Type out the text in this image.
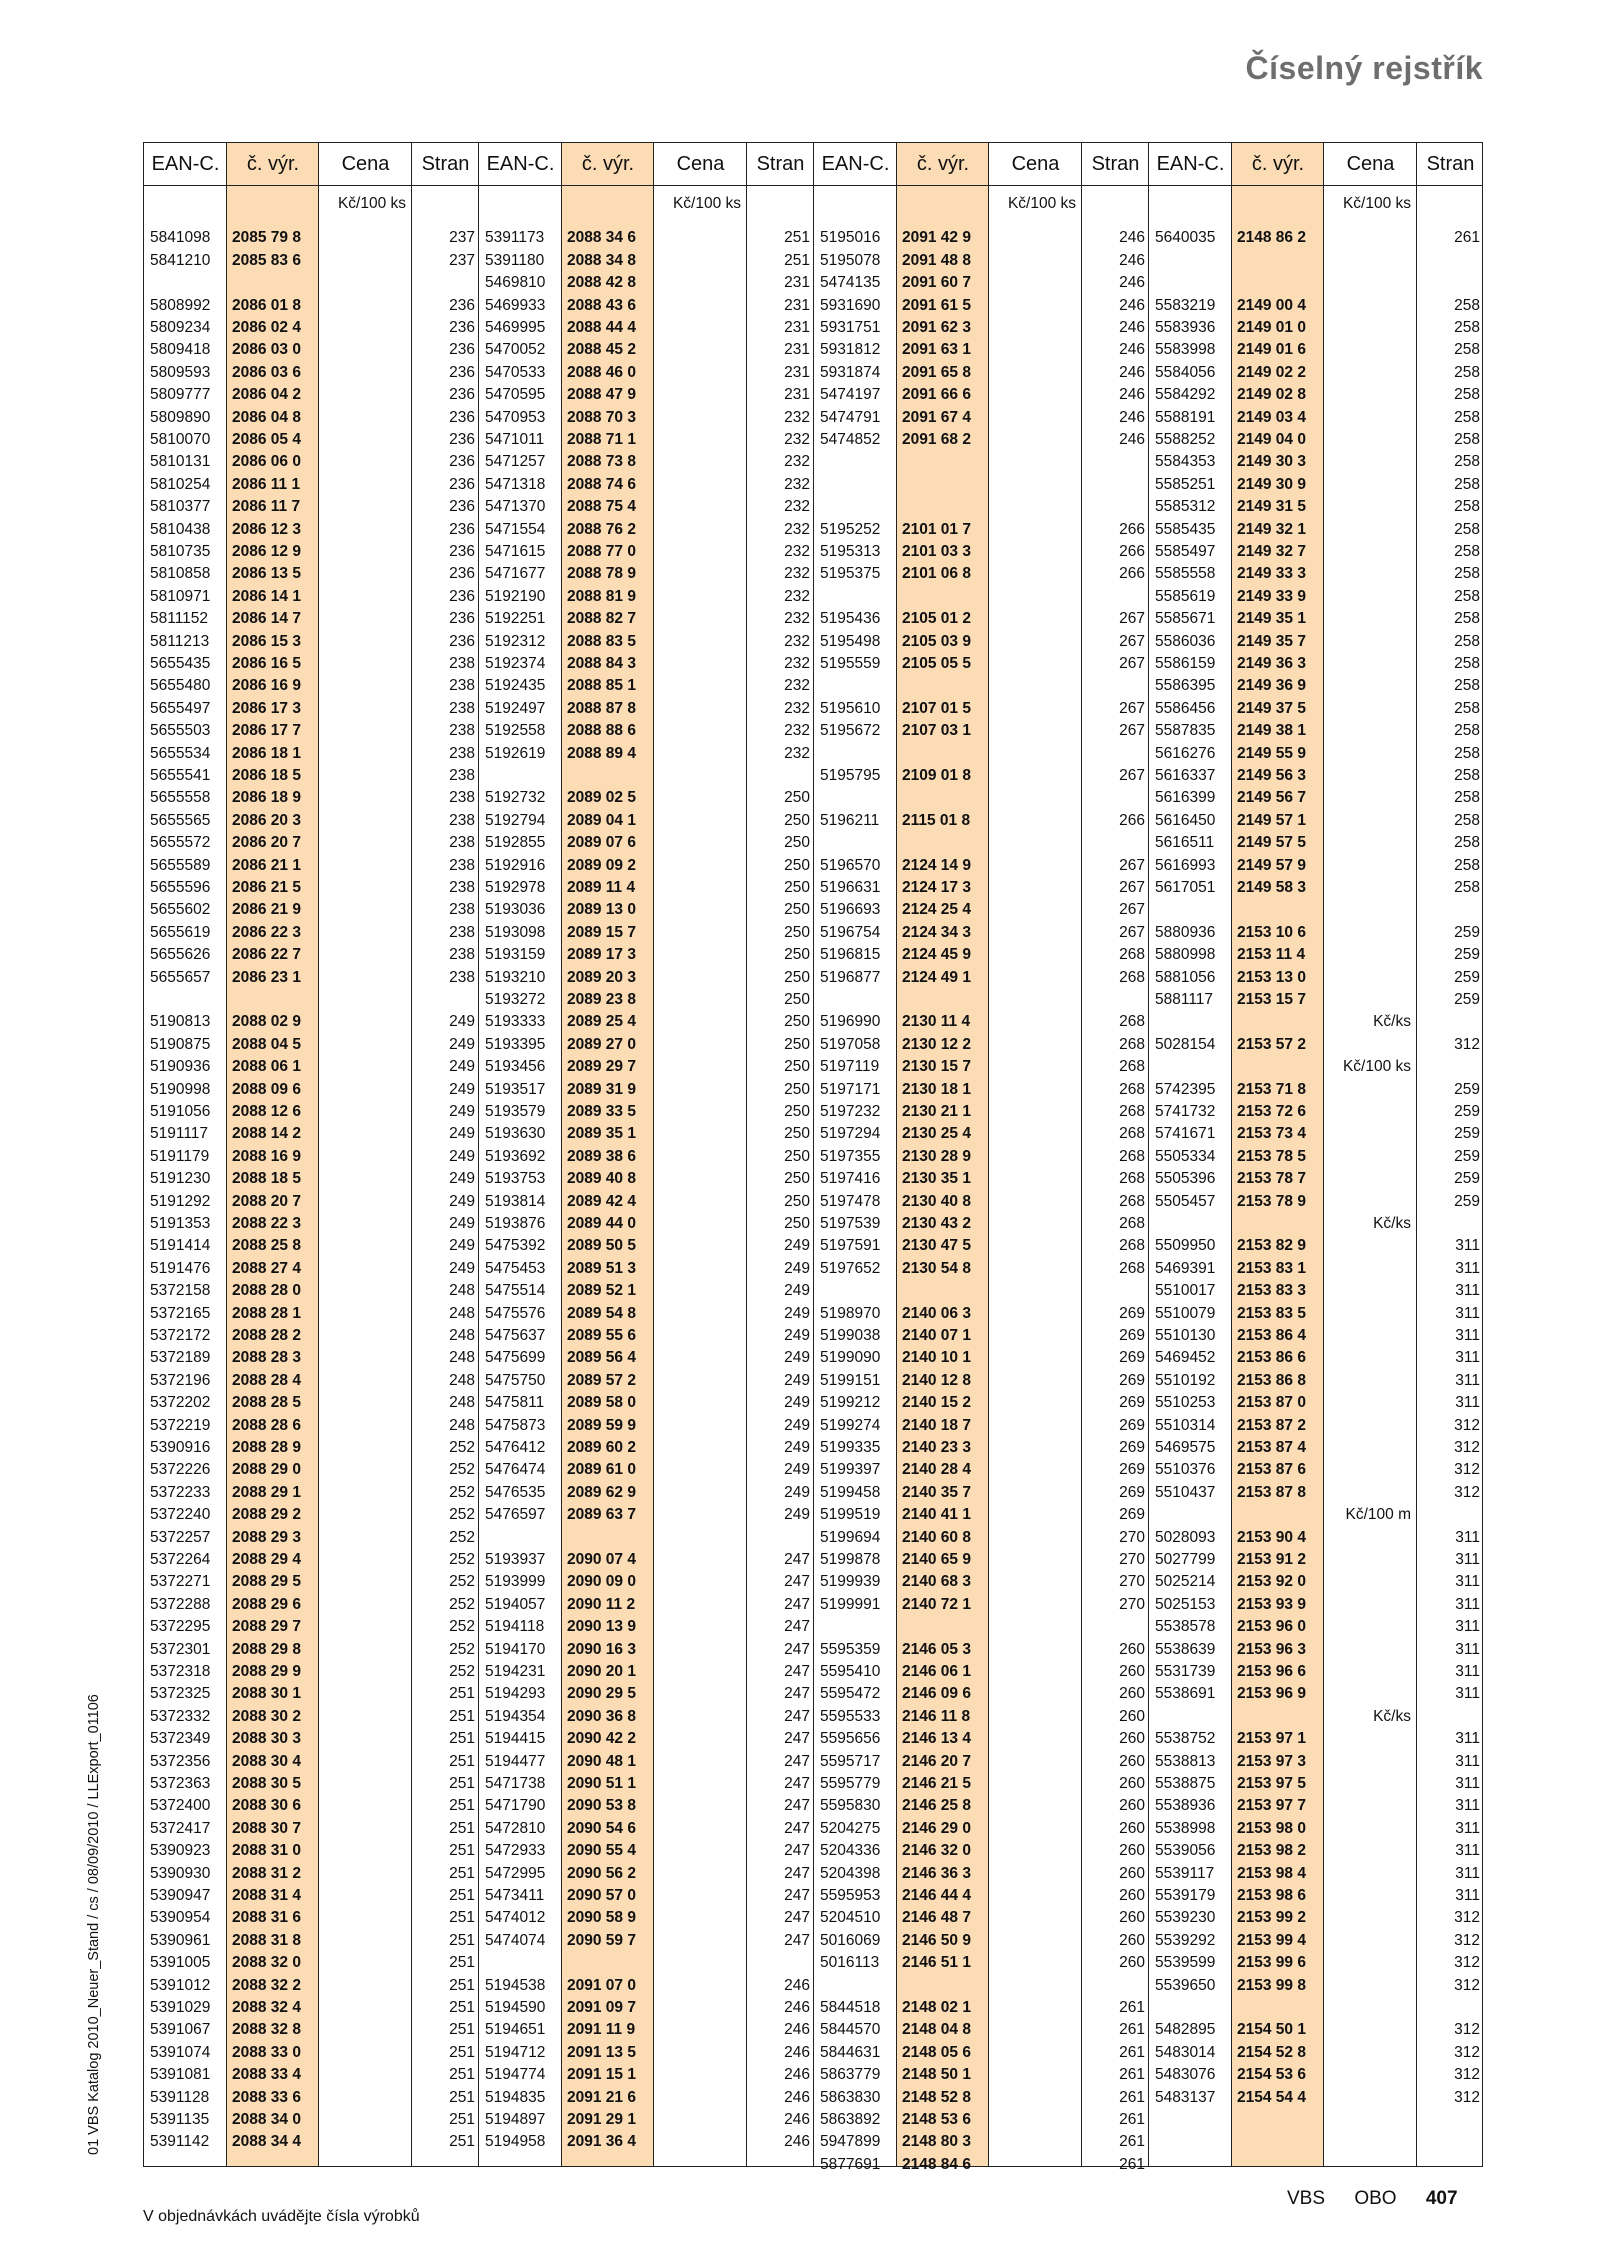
Číselný rejstřík
01 VBS Katalog 2010_Neuer_Stand / cs / 08/09/2010 / LLExport_01106
EAN-C.	č. výr.	Cena	Stran
Kč/100 ks
5841098	2085 79 8	237
5841210	2085 83 6	237
5808992	2086 01 8	236
5809234	2086 02 4	236
5809418	2086 03 0	236
5809593	2086 03 6	236
5809777	2086 04 2	236
5809890	2086 04 8	236
5810070	2086 05 4	236
5810131	2086 06 0	236
5810254	2086 11 1	236
5810377	2086 11 7	236
5810438	2086 12 3	236
5810735	2086 12 9	236
5810858	2086 13 5	236
5810971	2086 14 1	236
5811152	2086 14 7	236
5811213	2086 15 3	236
5655435	2086 16 5	238
5655480	2086 16 9	238
5655497	2086 17 3	238
5655503	2086 17 7	238
5655534	2086 18 1	238
5655541	2086 18 5	238
5655558	2086 18 9	238
5655565	2086 20 3	238
5655572	2086 20 7	238
5655589	2086 21 1	238
5655596	2086 21 5	238
5655602	2086 21 9	238
5655619	2086 22 3	238
5655626	2086 22 7	238
5655657	2086 23 1	238
5190813	2088 02 9	249
5190875	2088 04 5	249
5190936	2088 06 1	249
5190998	2088 09 6	249
5191056	2088 12 6	249
5191117	2088 14 2	249
5191179	2088 16 9	249
5191230	2088 18 5	249
5191292	2088 20 7	249
5191353	2088 22 3	249
5191414	2088 25 8	249
5191476	2088 27 4	249
5372158	2088 28 0	248
5372165	2088 28 1	248
5372172	2088 28 2	248
5372189	2088 28 3	248
5372196	2088 28 4	248
5372202	2088 28 5	248
5372219	2088 28 6	248
5390916	2088 28 9	252
5372226	2088 29 0	252
5372233	2088 29 1	252
5372240	2088 29 2	252
5372257	2088 29 3	252
5372264	2088 29 4	252
5372271	2088 29 5	252
5372288	2088 29 6	252
5372295	2088 29 7	252
5372301	2088 29 8	252
5372318	2088 29 9	252
5372325	2088 30 1	251
5372332	2088 30 2	251
5372349	2088 30 3	251
5372356	2088 30 4	251
5372363	2088 30 5	251
5372400	2088 30 6	251
5372417	2088 30 7	251
5390923	2088 31 0	251
5390930	2088 31 2	251
5390947	2088 31 4	251
5390954	2088 31 6	251
5390961	2088 31 8	251
5391005	2088 32 0	251
5391012	2088 32 2	251
5391029	2088 32 4	251
5391067	2088 32 8	251
5391074	2088 33 0	251
5391081	2088 33 4	251
5391128	2088 33 6	251
5391135	2088 34 0	251
5391142	2088 34 4	251
EAN-C.	č. výr.	Cena	Stran
Kč/100 ks
5391173	2088 34 6	251
5391180	2088 34 8	251
5469810	2088 42 8	231
5469933	2088 43 6	231
5469995	2088 44 4	231
5470052	2088 45 2	231
5470533	2088 46 0	231
5470595	2088 47 9	231
5470953	2088 70 3	232
5471011	2088 71 1	232
5471257	2088 73 8	232
5471318	2088 74 6	232
5471370	2088 75 4	232
5471554	2088 76 2	232
5471615	2088 77 0	232
5471677	2088 78 9	232
5192190	2088 81 9	232
5192251	2088 82 7	232
5192312	2088 83 5	232
5192374	2088 84 3	232
5192435	2088 85 1	232
5192497	2088 87 8	232
5192558	2088 88 6	232
5192619	2088 89 4	232
5192732	2089 02 5	250
5192794	2089 04 1	250
5192855	2089 07 6	250
5192916	2089 09 2	250
5192978	2089 11 4	250
5193036	2089 13 0	250
5193098	2089 15 7	250
5193159	2089 17 3	250
5193210	2089 20 3	250
5193272	2089 23 8	250
5193333	2089 25 4	250
5193395	2089 27 0	250
5193456	2089 29 7	250
5193517	2089 31 9	250
5193579	2089 33 5	250
5193630	2089 35 1	250
5193692	2089 38 6	250
5193753	2089 40 8	250
5193814	2089 42 4	250
5193876	2089 44 0	250
5475392	2089 50 5	249
5475453	2089 51 3	249
5475514	2089 52 1	249
5475576	2089 54 8	249
5475637	2089 55 6	249
5475699	2089 56 4	249
5475750	2089 57 2	249
5475811	2089 58 0	249
5475873	2089 59 9	249
5476412	2089 60 2	249
5476474	2089 61 0	249
5476535	2089 62 9	249
5476597	2089 63 7	249
5193937	2090 07 4	247
5193999	2090 09 0	247
5194057	2090 11 2	247
5194118	2090 13 9	247
5194170	2090 16 3	247
5194231	2090 20 1	247
5194293	2090 29 5	247
5194354	2090 36 8	247
5194415	2090 42 2	247
5194477	2090 48 1	247
5471738	2090 51 1	247
5471790	2090 53 8	247
5472810	2090 54 6	247
5472933	2090 55 4	247
5472995	2090 56 2	247
5473411	2090 57 0	247
5474012	2090 58 9	247
5474074	2090 59 7	247
5194538	2091 07 0	246
5194590	2091 09 7	246
5194651	2091 11 9	246
5194712	2091 13 5	246
5194774	2091 15 1	246
5194835	2091 21 6	246
5194897	2091 29 1	246
5194958	2091 36 4	246
EAN-C.	č. výr.	Cena	Stran
Kč/100 ks
5195016	2091 42 9	246
5195078	2091 48 8	246
5474135	2091 60 7	246
5931690	2091 61 5	246
5931751	2091 62 3	246
5931812	2091 63 1	246
5931874	2091 65 8	246
5474197	2091 66 6	246
5474791	2091 67 4	246
5474852	2091 68 2	246
5195252	2101 01 7	266
5195313	2101 03 3	266
5195375	2101 06 8	266
5195436	2105 01 2	267
5195498	2105 03 9	267
5195559	2105 05 5	267
5195610	2107 01 5	267
5195672	2107 03 1	267
5195795	2109 01 8	267
5196211	2115 01 8	266
5196570	2124 14 9	267
5196631	2124 17 3	267
5196693	2124 25 4	267
5196754	2124 34 3	267
5196815	2124 45 9	268
5196877	2124 49 1	268
5196990	2130 11 4	268
5197058	2130 12 2	268
5197119	2130 15 7	268
5197171	2130 18 1	268
5197232	2130 21 1	268
5197294	2130 25 4	268
5197355	2130 28 9	268
5197416	2130 35 1	268
5197478	2130 40 8	268
5197539	2130 43 2	268
5197591	2130 47 5	268
5197652	2130 54 8	268
5198970	2140 06 3	269
5199038	2140 07 1	269
5199090	2140 10 1	269
5199151	2140 12 8	269
5199212	2140 15 2	269
5199274	2140 18 7	269
5199335	2140 23 3	269
5199397	2140 28 4	269
5199458	2140 35 7	269
5199519	2140 41 1	269
5199694	2140 60 8	270
5199878	2140 65 9	270
5199939	2140 68 3	270
5199991	2140 72 1	270
5595359	2146 05 3	260
5595410	2146 06 1	260
5595472	2146 09 6	260
5595533	2146 11 8	260
5595656	2146 13 4	260
5595717	2146 20 7	260
5595779	2146 21 5	260
5595830	2146 25 8	260
5204275	2146 29 0	260
5204336	2146 32 0	260
5204398	2146 36 3	260
5595953	2146 44 4	260
5204510	2146 48 7	260
5016069	2146 50 9	260
5016113	2146 51 1	260
5844518	2148 02 1	261
5844570	2148 04 8	261
5844631	2148 05 6	261
5863779	2148 50 1	261
5863830	2148 52 8	261
5863892	2148 53 6	261
5947899	2148 80 3	261
5877691	2148 84 6	261
EAN-C.	č. výr.	Cena	Stran
Kč/100 ks
5640035	2148 86 2	261
5583219	2149 00 4	258
5583936	2149 01 0	258
5583998	2149 01 6	258
5584056	2149 02 2	258
5584292	2149 02 8	258
5588191	2149 03 4	258
5588252	2149 04 0	258
5584353	2149 30 3	258
5585251	2149 30 9	258
5585312	2149 31 5	258
5585435	2149 32 1	258
5585497	2149 32 7	258
5585558	2149 33 3	258
5585619	2149 33 9	258
5585671	2149 35 1	258
5586036	2149 35 7	258
5586159	2149 36 3	258
5586395	2149 36 9	258
5586456	2149 37 5	258
5587835	2149 38 1	258
5616276	2149 55 9	258
5616337	2149 56 3	258
5616399	2149 56 7	258
5616450	2149 57 1	258
5616511	2149 57 5	258
5616993	2149 57 9	258
5617051	2149 58 3	258
5880936	2153 10 6	259
5880998	2153 11 4	259
5881056	2153 13 0	259
5881117	2153 15 7	259
Kč/ks
5028154	2153 57 2	312
Kč/100 ks
5742395	2153 71 8	259
5741732	2153 72 6	259
5741671	2153 73 4	259
5505334	2153 78 5	259
5505396	2153 78 7	259
5505457	2153 78 9	259
Kč/ks
5509950	2153 82 9	311
5469391	2153 83 1	311
5510017	2153 83 3	311
5510079	2153 83 5	311
5510130	2153 86 4	311
5469452	2153 86 6	311
5510192	2153 86 8	311
5510253	2153 87 0	311
5510314	2153 87 2	312
5469575	2153 87 4	312
5510376	2153 87 6	312
5510437	2153 87 8	312
Kč/100 m
5028093	2153 90 4	311
5027799	2153 91 2	311
5025214	2153 92 0	311
5025153	2153 93 9	311
5538578	2153 96 0	311
5538639	2153 96 3	311
5531739	2153 96 6	311
5538691	2153 96 9	311
Kč/ks
5538752	2153 97 1	311
5538813	2153 97 3	311
5538875	2153 97 5	311
5538936	2153 97 7	311
5538998	2153 98 0	311
5539056	2153 98 2	311
5539117	2153 98 4	311
5539179	2153 98 6	311
5539230	2153 99 2	312
5539292	2153 99 4	312
5539599	2153 99 6	312
5539650	2153 99 8	312
5482895	2154 50 1	312
5483014	2154 52 8	312
5483076	2154 53 6	312
5483137	2154 54 4	312
V objednávkách uvádějte čísla výrobků
VBS OBO 407
